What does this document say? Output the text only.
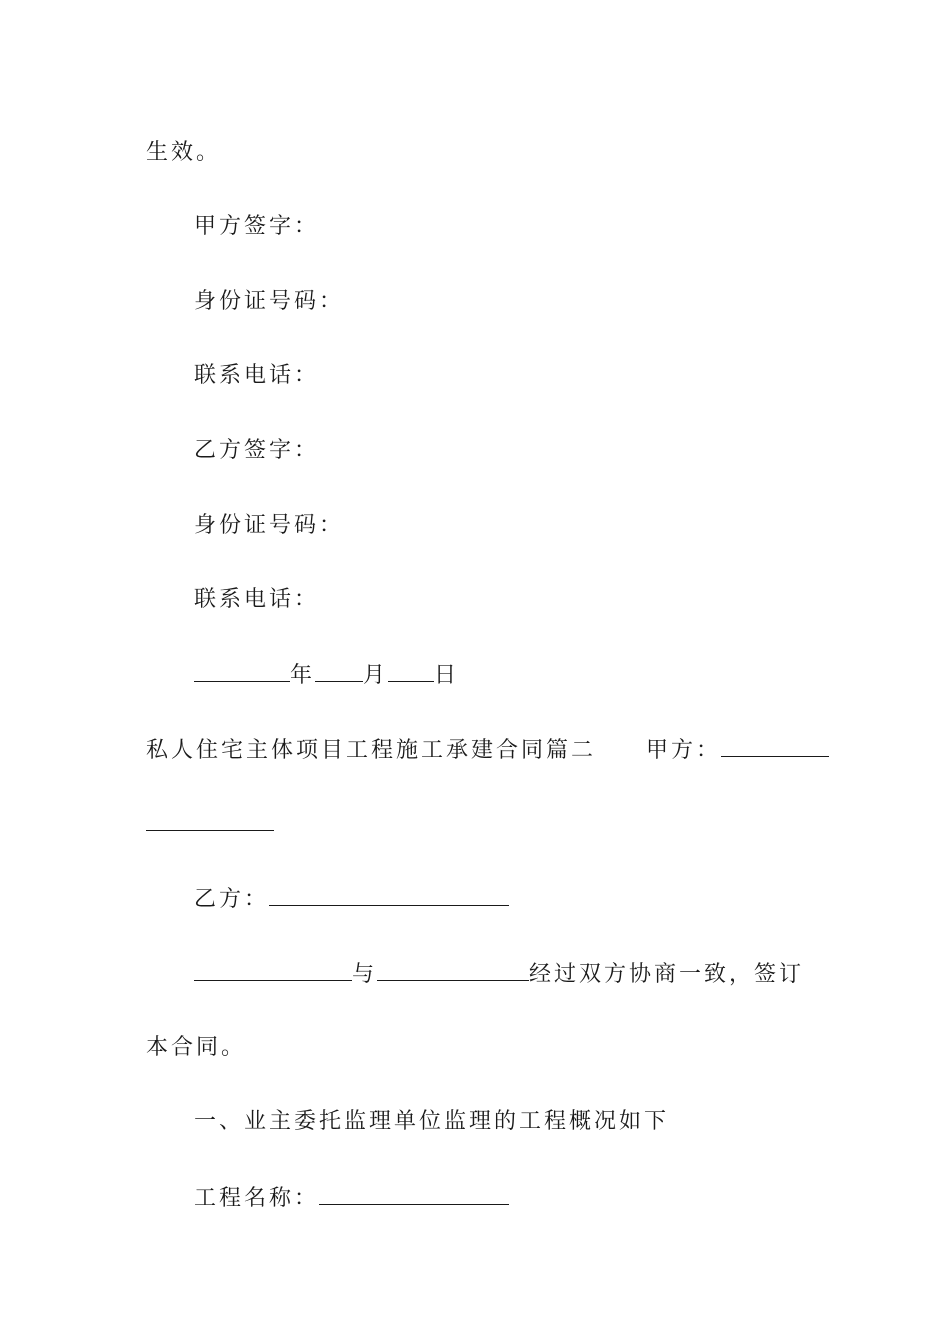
生效。
甲方签字：
身份证号码：
联系电话：
乙方签字：
身份证号码：
联系电话：
年 月 日
私人住宅主体项目工程施工承建合同篇二 甲方：
乙方：
与	经过双方协商一致，签订
本合同。
一、业主委托监理单位监理的工程概况如下
工程名称：
